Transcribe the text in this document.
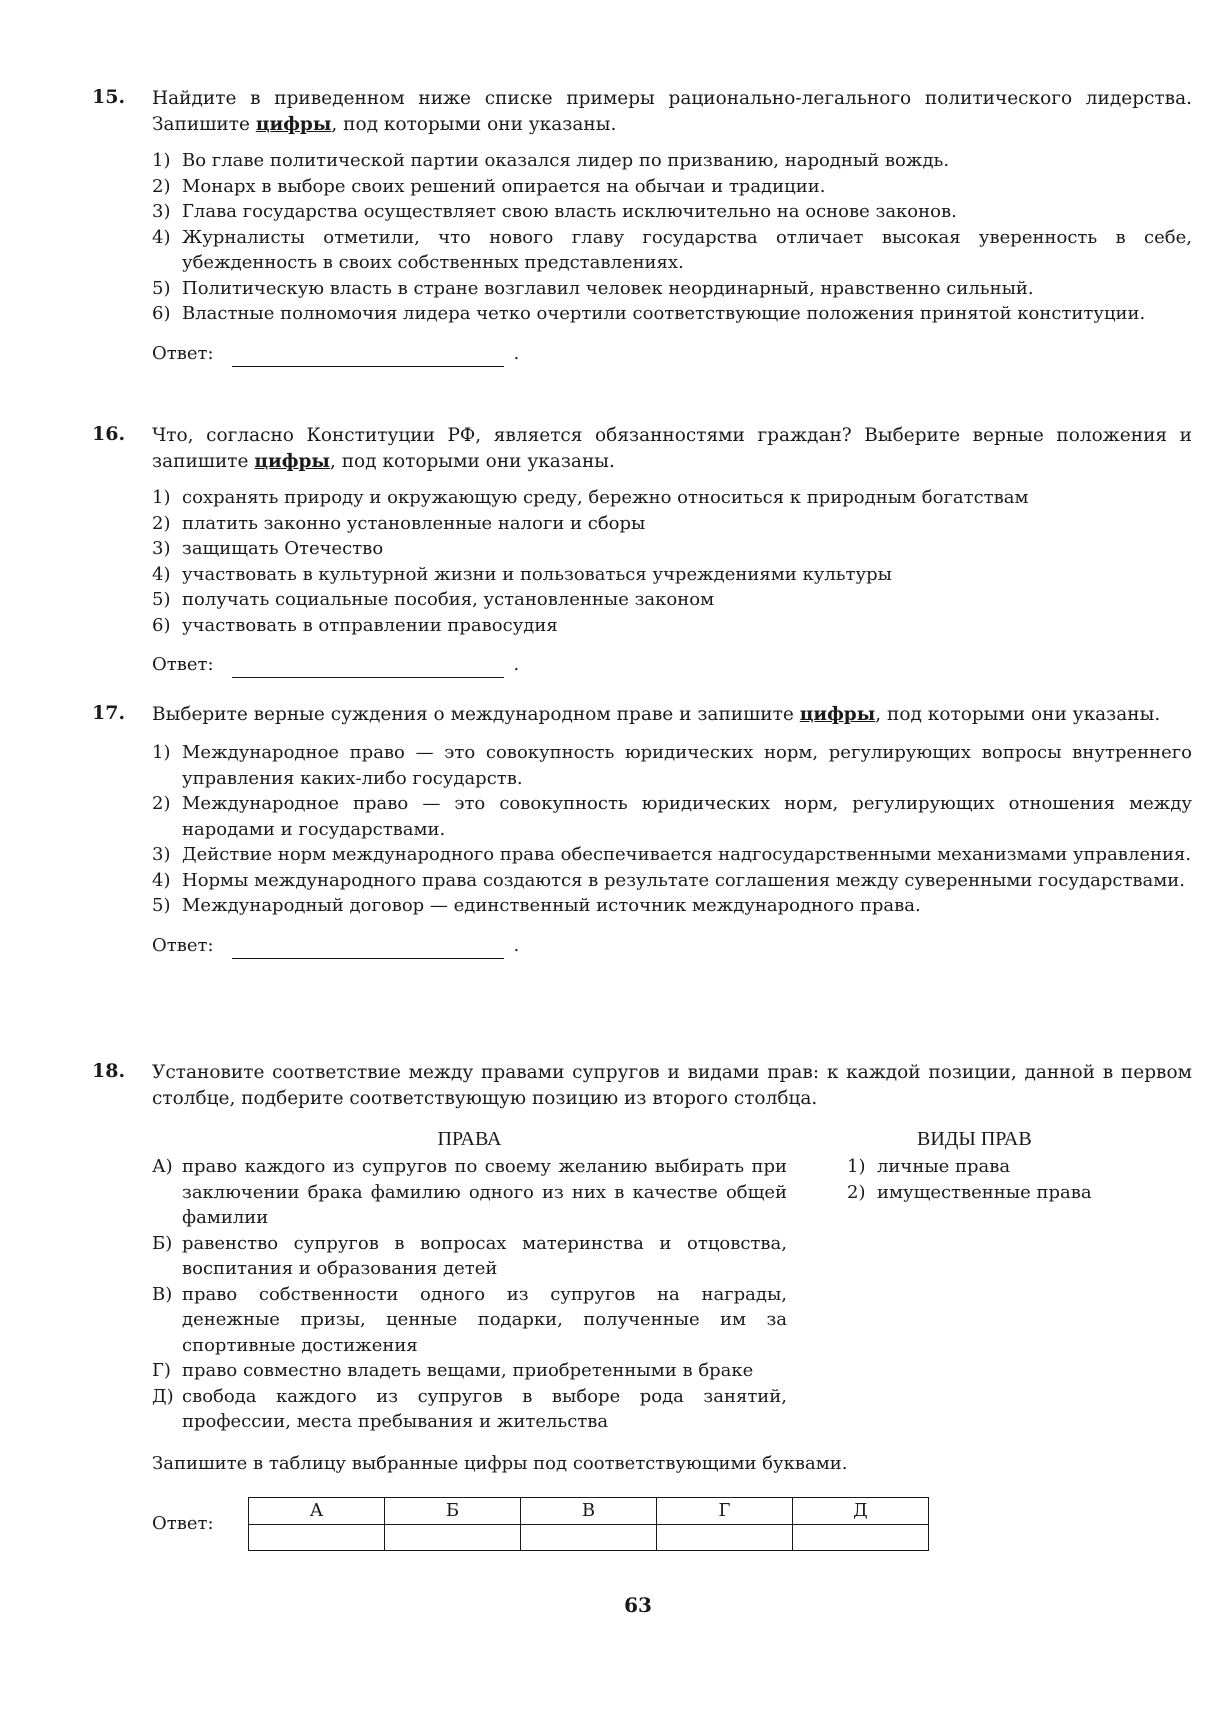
15. Найдите в приведенном ниже списке примеры рационально-легального политического лидерства. Запишите цифры, под которыми они указаны.
1) Во главе политической партии оказался лидер по призванию, народный вождь.
2) Монарх в выборе своих решений опирается на обычаи и традиции.
3) Глава государства осуществляет свою власть исключительно на основе законов.
4) Журналисты отметили, что нового главу государства отличает высокая уверенность в себе, убежденность в своих собственных представлениях.
5) Политическую власть в стране возглавил человек неординарный, нравственно сильный.
6) Властные полномочия лидера четко очертили соответствующие положения принятой конституции.
Ответ:	.
16. Что, согласно Конституции РФ, является обязанностями граждан? Выберите верные положения и запишите цифры, под которыми они указаны.
1) сохранять природу и окружающую среду, бережно относиться к природным богатствам
2) платить законно установленные налоги и сборы
3) защищать Отечество
4) участвовать в культурной жизни и пользоваться учреждениями культуры
5) получать социальные пособия, установленные законом
6) участвовать в отправлении правосудия
Ответ:	.
17. Выберите верные суждения о международном праве и запишите цифры, под которыми они указаны.
1) Международное право — это совокупность юридических норм, регулирующих вопросы внутреннего управления каких-либо государств.
2) Международное право — это совокупность юридических норм, регулирующих отношения между народами и государствами.
3) Действие норм международного права обеспечивается надгосударственными механизмами управления.
4) Нормы международного права создаются в результате соглашения между суверенными государствами.
5) Международный договор — единственный источник международного права.
Ответ:	.
18. Установите соответствие между правами супругов и видами прав: к каждой позиции, данной в первом столбце, подберите соответствующую позицию из второго столбца.
ПРАВА
А) право каждого из супругов по своему желанию выбирать при заключении брака фамилию одного из них в качестве общей фамилии
Б) равенство супругов в вопросах материнства и отцовства, воспитания и образования детей
В) право собственности одного из супругов на награды, денежные призы, ценные подарки, полученные им за спортивные достижения
Г) право совместно владеть вещами, приобретенными в браке
Д) свобода каждого из супругов в выборе рода занятий, профессии, места пребывания и жительства
ВИДЫ ПРАВ
1) личные права
2) имущественные права
Запишите в таблицу выбранные цифры под соответствующими буквами.
Ответ:
А	Б	В	Г	Д

63
